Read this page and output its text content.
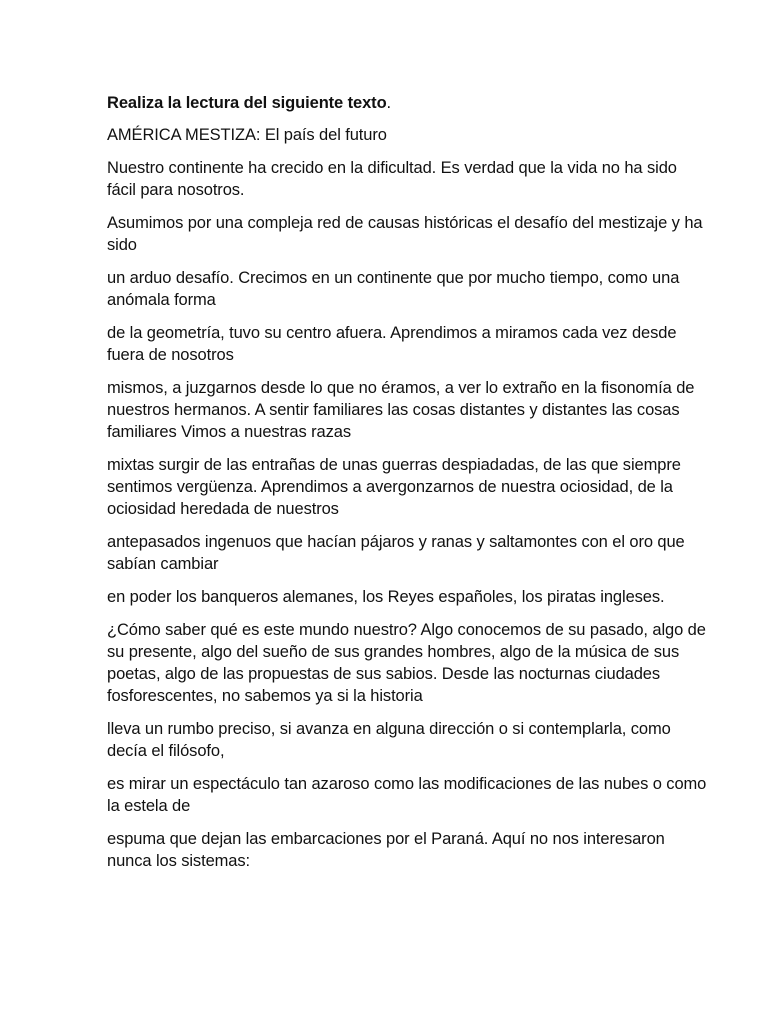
Realiza la lectura del siguiente texto.

AMÉRICA MESTIZA: El país del futuro

Nuestro continente ha crecido en la dificultad. Es verdad que la vida no ha sido fácil para nosotros.

Asumimos por una compleja red de causas históricas el desafío del mestizaje y ha sido

un arduo desafío. Crecimos en un continente que por mucho tiempo, como una anómala forma

de la geometría, tuvo su centro afuera. Aprendimos a miramos cada vez desde fuera de nosotros

mismos, a juzgarnos desde lo que no éramos, a ver lo extraño en la fisonomía de nuestros hermanos. A sentir familiares las cosas distantes y distantes las cosas familiares Vimos a nuestras razas

mixtas surgir de las entrañas de unas guerras despiadadas, de las que siempre sentimos vergüenza. Aprendimos a avergonzarnos de nuestra ociosidad, de la ociosidad heredada de nuestros

antepasados ingenuos que hacían pájaros y ranas y saltamontes con el oro que sabían cambiar

en poder los banqueros alemanes, los Reyes españoles, los piratas ingleses.

¿Cómo saber qué es este mundo nuestro? Algo conocemos de su pasado, algo de su presente, algo del sueño de sus grandes hombres, algo de la música de sus poetas, algo de las propuestas de sus sabios. Desde las nocturnas ciudades fosforescentes, no sabemos ya si la historia

lleva un rumbo preciso, si avanza en alguna dirección o si contemplarla, como decía el filósofo,

es mirar un espectáculo tan azaroso como las modificaciones de las nubes o como la estela de

espuma que dejan las embarcaciones por el Paraná. Aquí no nos interesaron nunca los sistemas:
